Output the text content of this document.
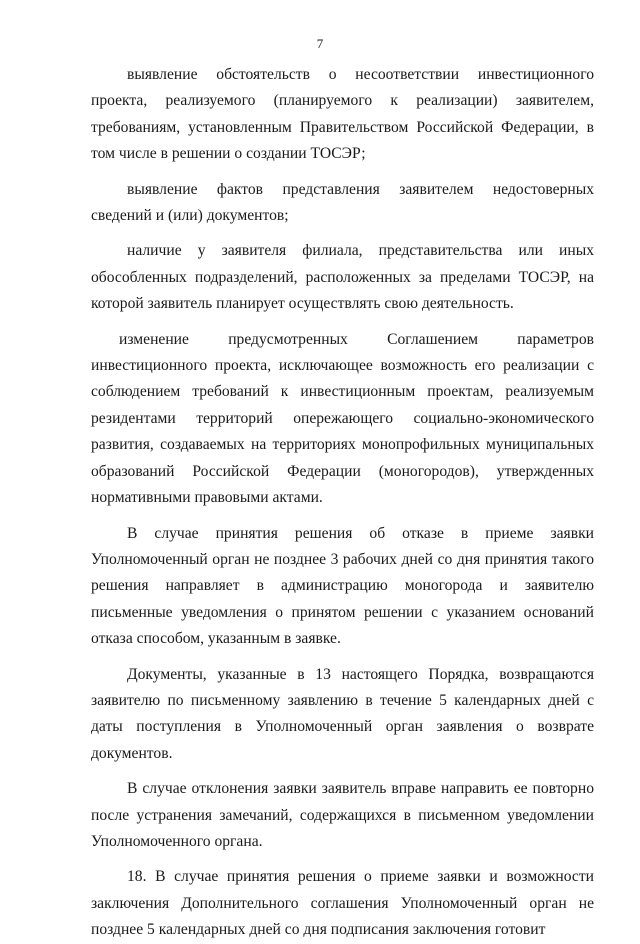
7

выявление обстоятельств о несоответствии инвестиционного проекта, реализуемого (планируемого к реализации) заявителем, требованиям, установленным Правительством Российской Федерации, в том числе в решении о создании ТОСЭР;

выявление фактов представления заявителем недостоверных сведений и (или) документов;

наличие у заявителя филиала, представительства или иных обособленных подразделений, расположенных за пределами ТОСЭР, на которой заявитель планирует осуществлять свою деятельность.

изменение предусмотренных Соглашением параметров инвестиционного проекта, исключающее возможность его реализации с соблюдением требований к инвестиционным проектам, реализуемым резидентами территорий опережающего социально-экономического развития, создаваемых на территориях монопрофильных муниципальных образований Российской Федерации (моногородов), утвержденных нормативными правовыми актами.

В случае принятия решения об отказе в приеме заявки Уполномоченный орган не позднее 3 рабочих дней со дня принятия такого решения направляет в администрацию моногорода и заявителю письменные уведомления о принятом решении с указанием оснований отказа способом, указанным в заявке.

Документы, указанные в 13 настоящего Порядка, возвращаются заявителю по письменному заявлению в течение 5 календарных дней с даты поступления в Уполномоченный орган заявления о возврате документов.

В случае отклонения заявки заявитель вправе направить ее повторно после устранения замечаний, содержащихся в письменном уведомлении Уполномоченного органа.

18. В случае принятия решения о приеме заявки и возможности заключения Дополнительного соглашения Уполномоченный орган не позднее 5 календарных дней со дня подписания заключения готовит
